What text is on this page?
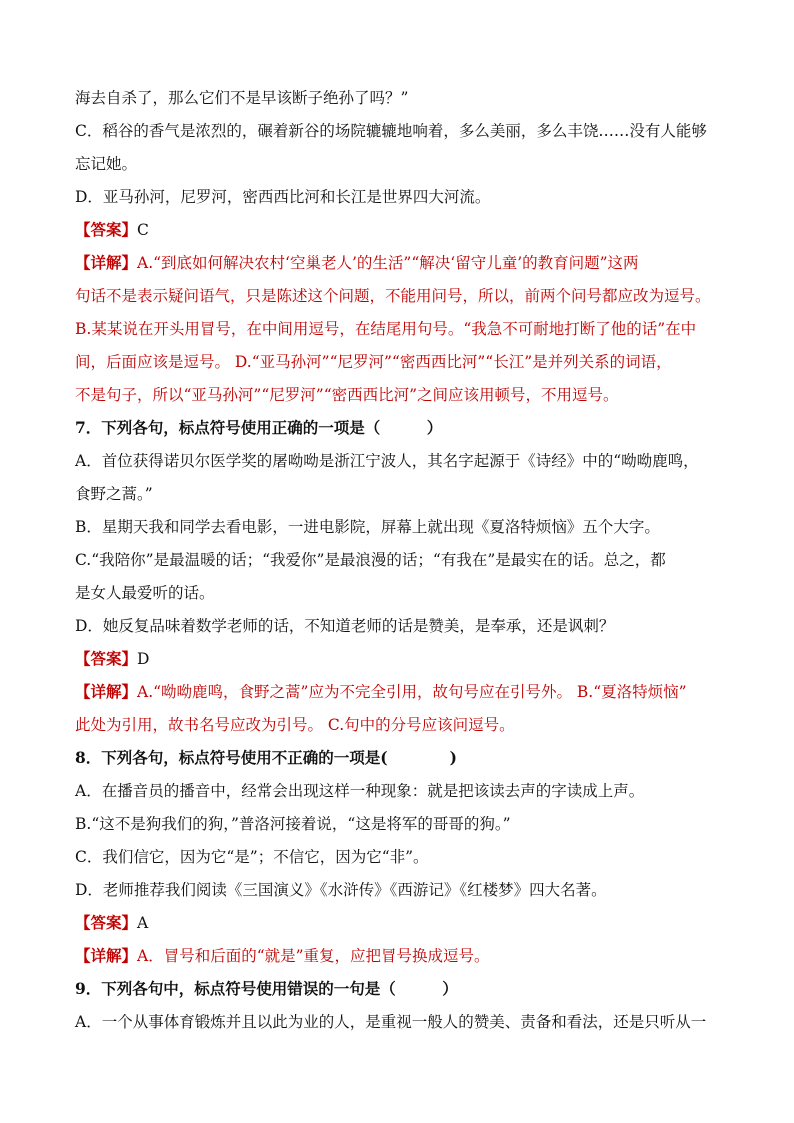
海去自杀了，那么它们不是早该断子绝孙了吗？”

C．稻谷的香气是浓烈的，碾着新谷的场院辘辘地响着，多么美丽，多么丰饶……没有人能够

忘记她。

D．亚马孙河，尼罗河，密西西比河和长江是世界四大河流。

【答案】C

【详解】A.“到底如何解决农村‘空巢老人’的生活”“解决‘留守儿童’的教育问题”这两

句话不是表示疑问语气，只是陈述这个问题，不能用问号，所以，前两个问号都应改为逗号。

B.某某说在开头用冒号，在中间用逗号，在结尾用句号。“我急不可耐地打断了他的话”在中

间，后面应该是逗号。 D.“亚马孙河”“尼罗河”“密西西比河”“长江”是并列关系的词语，

不是句子，所以“亚马孙河”“尼罗河”“密西西比河”之间应该用顿号，不用逗号。

7．下列各句，标点符号使用正确的一项是（　　　）

A．首位获得诺贝尔医学奖的屠呦呦是浙江宁波人，其名字起源于《诗经》中的“呦呦鹿鸣，

食野之蒿。”

B．星期天我和同学去看电影，一进电影院，屏幕上就出现《夏洛特烦恼》五个大字。

C.“我陪你”是最温暖的话；“我爱你”是最浪漫的话；“有我在”是最实在的话。总之，都

是女人最爱听的话。

D．她反复品味着数学老师的话，不知道老师的话是赞美，是奉承，还是讽刺？

【答案】D

【详解】A.“呦呦鹿鸣，食野之蒿”应为不完全引用，故句号应在引号外。 B.“夏洛特烦恼”

此处为引用，故书名号应改为引号。 C.句中的分号应该问逗号。

8．下列各句，标点符号使用不正确的一项是(　　　　)

A．在播音员的播音中，经常会出现这样一种现象：就是把该读去声的字读成上声。

B.“这不是狗我们的狗，”普洛河接着说，“这是将军的哥哥的狗。”

C．我们信它，因为它“是”；不信它，因为它“非”。

D．老师推荐我们阅读《三国演义》《水浒传》《西游记》《红楼梦》四大名著。

【答案】A

【详解】A．冒号和后面的“就是”重复，应把冒号换成逗号。

9．下列各句中，标点符号使用错误的一句是（　　　）

A．一个从事体育锻炼并且以此为业的人，是重视一般人的赞美、责备和看法，还是只听从一
